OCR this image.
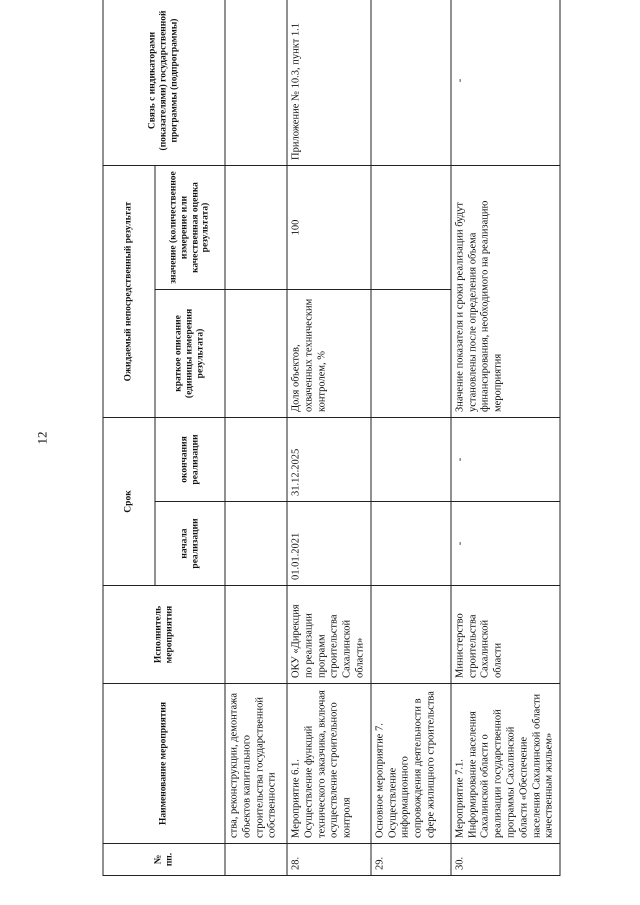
12
№ пп.	Наименование мероприятия	Исполнитель мероприятия	Срок		Ожидаемый непосредственный результат		Связь с индикаторами (показателями) государственной программы (подпрограммы)
			начала реализации	окончания реализации	краткое описание (единицы измерения результата)	значение (количественное измерение или качественная оценка результата)	
	ства, реконструкции, демонтажа объектов капитального строительства государственной собственности						
28.	Мероприятие 6.1. Осуществление функций технического заказчика, включая осуществление строительного контроля	ОКУ «Дирекция по реализации программ строительства Сахалинской области»	01.01.2021	31.12.2025	Доля объектов, охваченных техническим контролем, %	100	Приложение № 10.3, пункт 1.1
29.	Основное мероприятие 7. Осуществление информационного сопровождения деятельности в сфере жилищного строительства						
30.	Мероприятие 7.1. Информирование населения Сахалинской области о реализации государственной программы Сахалинской области «Обеспечение населения Сахалинской области качественным жильем»	Министерство строительства Сахалинской области	-	-	Значение показателя и сроки реализации будут установлены после определения объема финансирования, необходимого на реализацию мероприятия		-
